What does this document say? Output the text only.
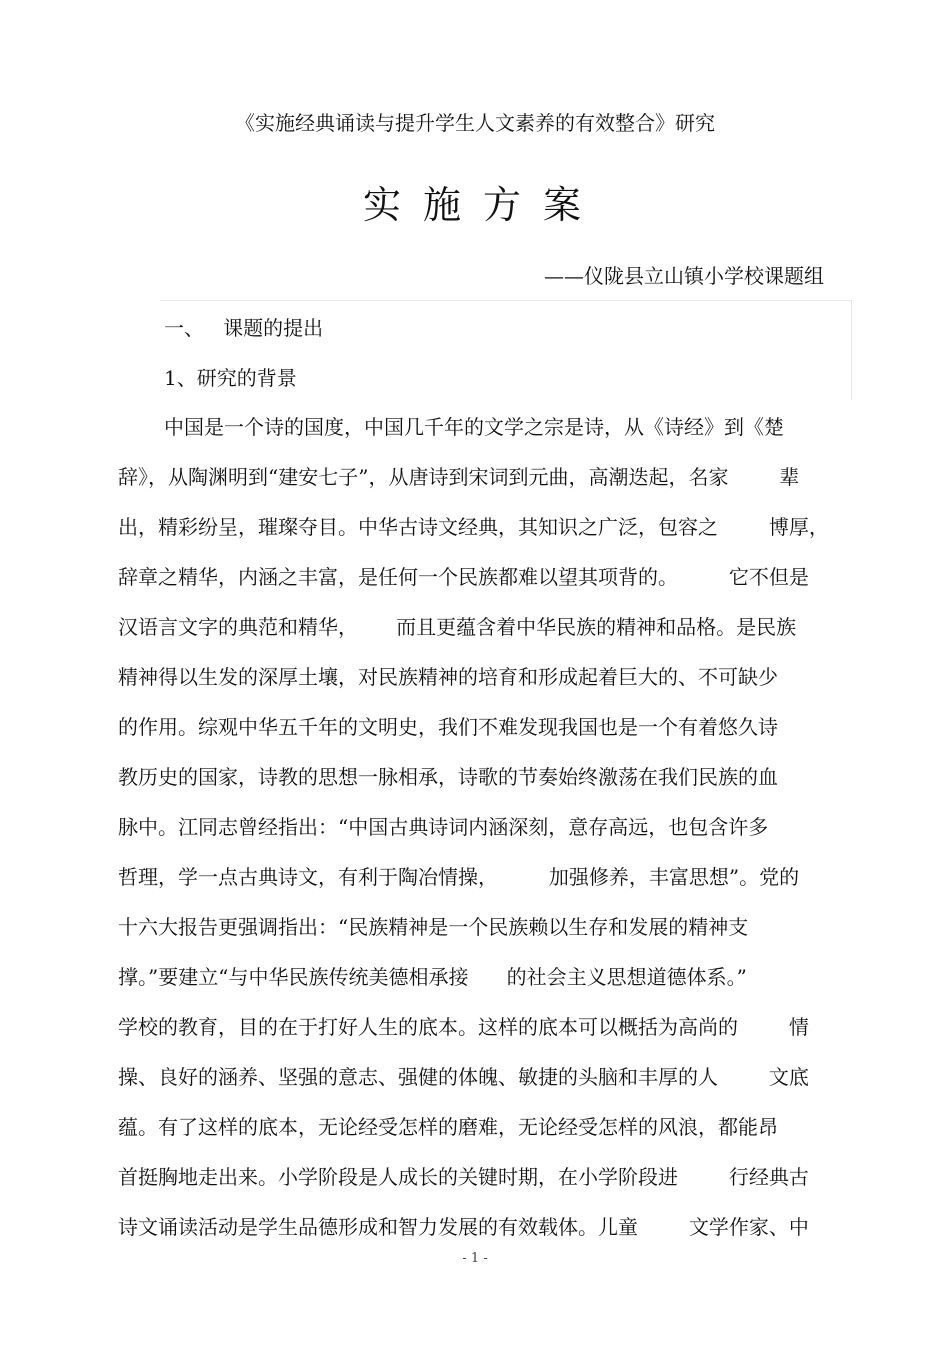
《实施经典诵读与提升学生人文素养的有效整合》研究
实施方案
——仪陇县立山镇小学校课题组
一、   课题的提出
1、研究的背景
中国是一个诗的国度，中国几千年的文学之宗是诗，从《诗经》到《楚
辞》，从陶渊明到“建安七子”，从唐诗到宋词到元曲，高潮迭起，名家        辈
出，精彩纷呈，璀璨夺目。中华古诗文经典，其知识之广泛，包容之        博厚，
辞章之精华，内涵之丰富，是任何一个民族都难以望其项背的。        它不但是
汉语言文字的典范和精华，      而且更蕴含着中华民族的精神和品格。是民族
精神得以生发的深厚土壤，对民族精神的培育和形成起着巨大的、不可缺少
的作用。综观中华五千年的文明史，我们不难发现我国也是一个有着悠久诗
教历史的国家，诗教的思想一脉相承，诗歌的节奏始终激荡在我们民族的血
脉中。江同志曾经指出：“中国古典诗词内涵深刻，意存高远，也包含许多
哲理，学一点古典诗文，有利于陶冶情操，        加强修养，丰富思想”。党的
十六大报告更强调指出：“民族精神是一个民族赖以生存和发展的精神支
撑。”要建立“与中华民族传统美德相承接      的社会主义思想道德体系。”
学校的教育，目的在于打好人生的底本。这样的底本可以概括为高尚的        情
操、良好的涵养、坚强的意志、强健的体魄、敏捷的头脑和丰厚的人        文底
蕴。有了这样的底本，无论经受怎样的磨难，无论经受怎样的风浪，都能昂
首挺胸地走出来。小学阶段是人成长的关键时期，在小学阶段进        行经典古
诗文诵读活动是学生品德形成和智力发展的有效载体。儿童        文学作家、中
- 1 -
